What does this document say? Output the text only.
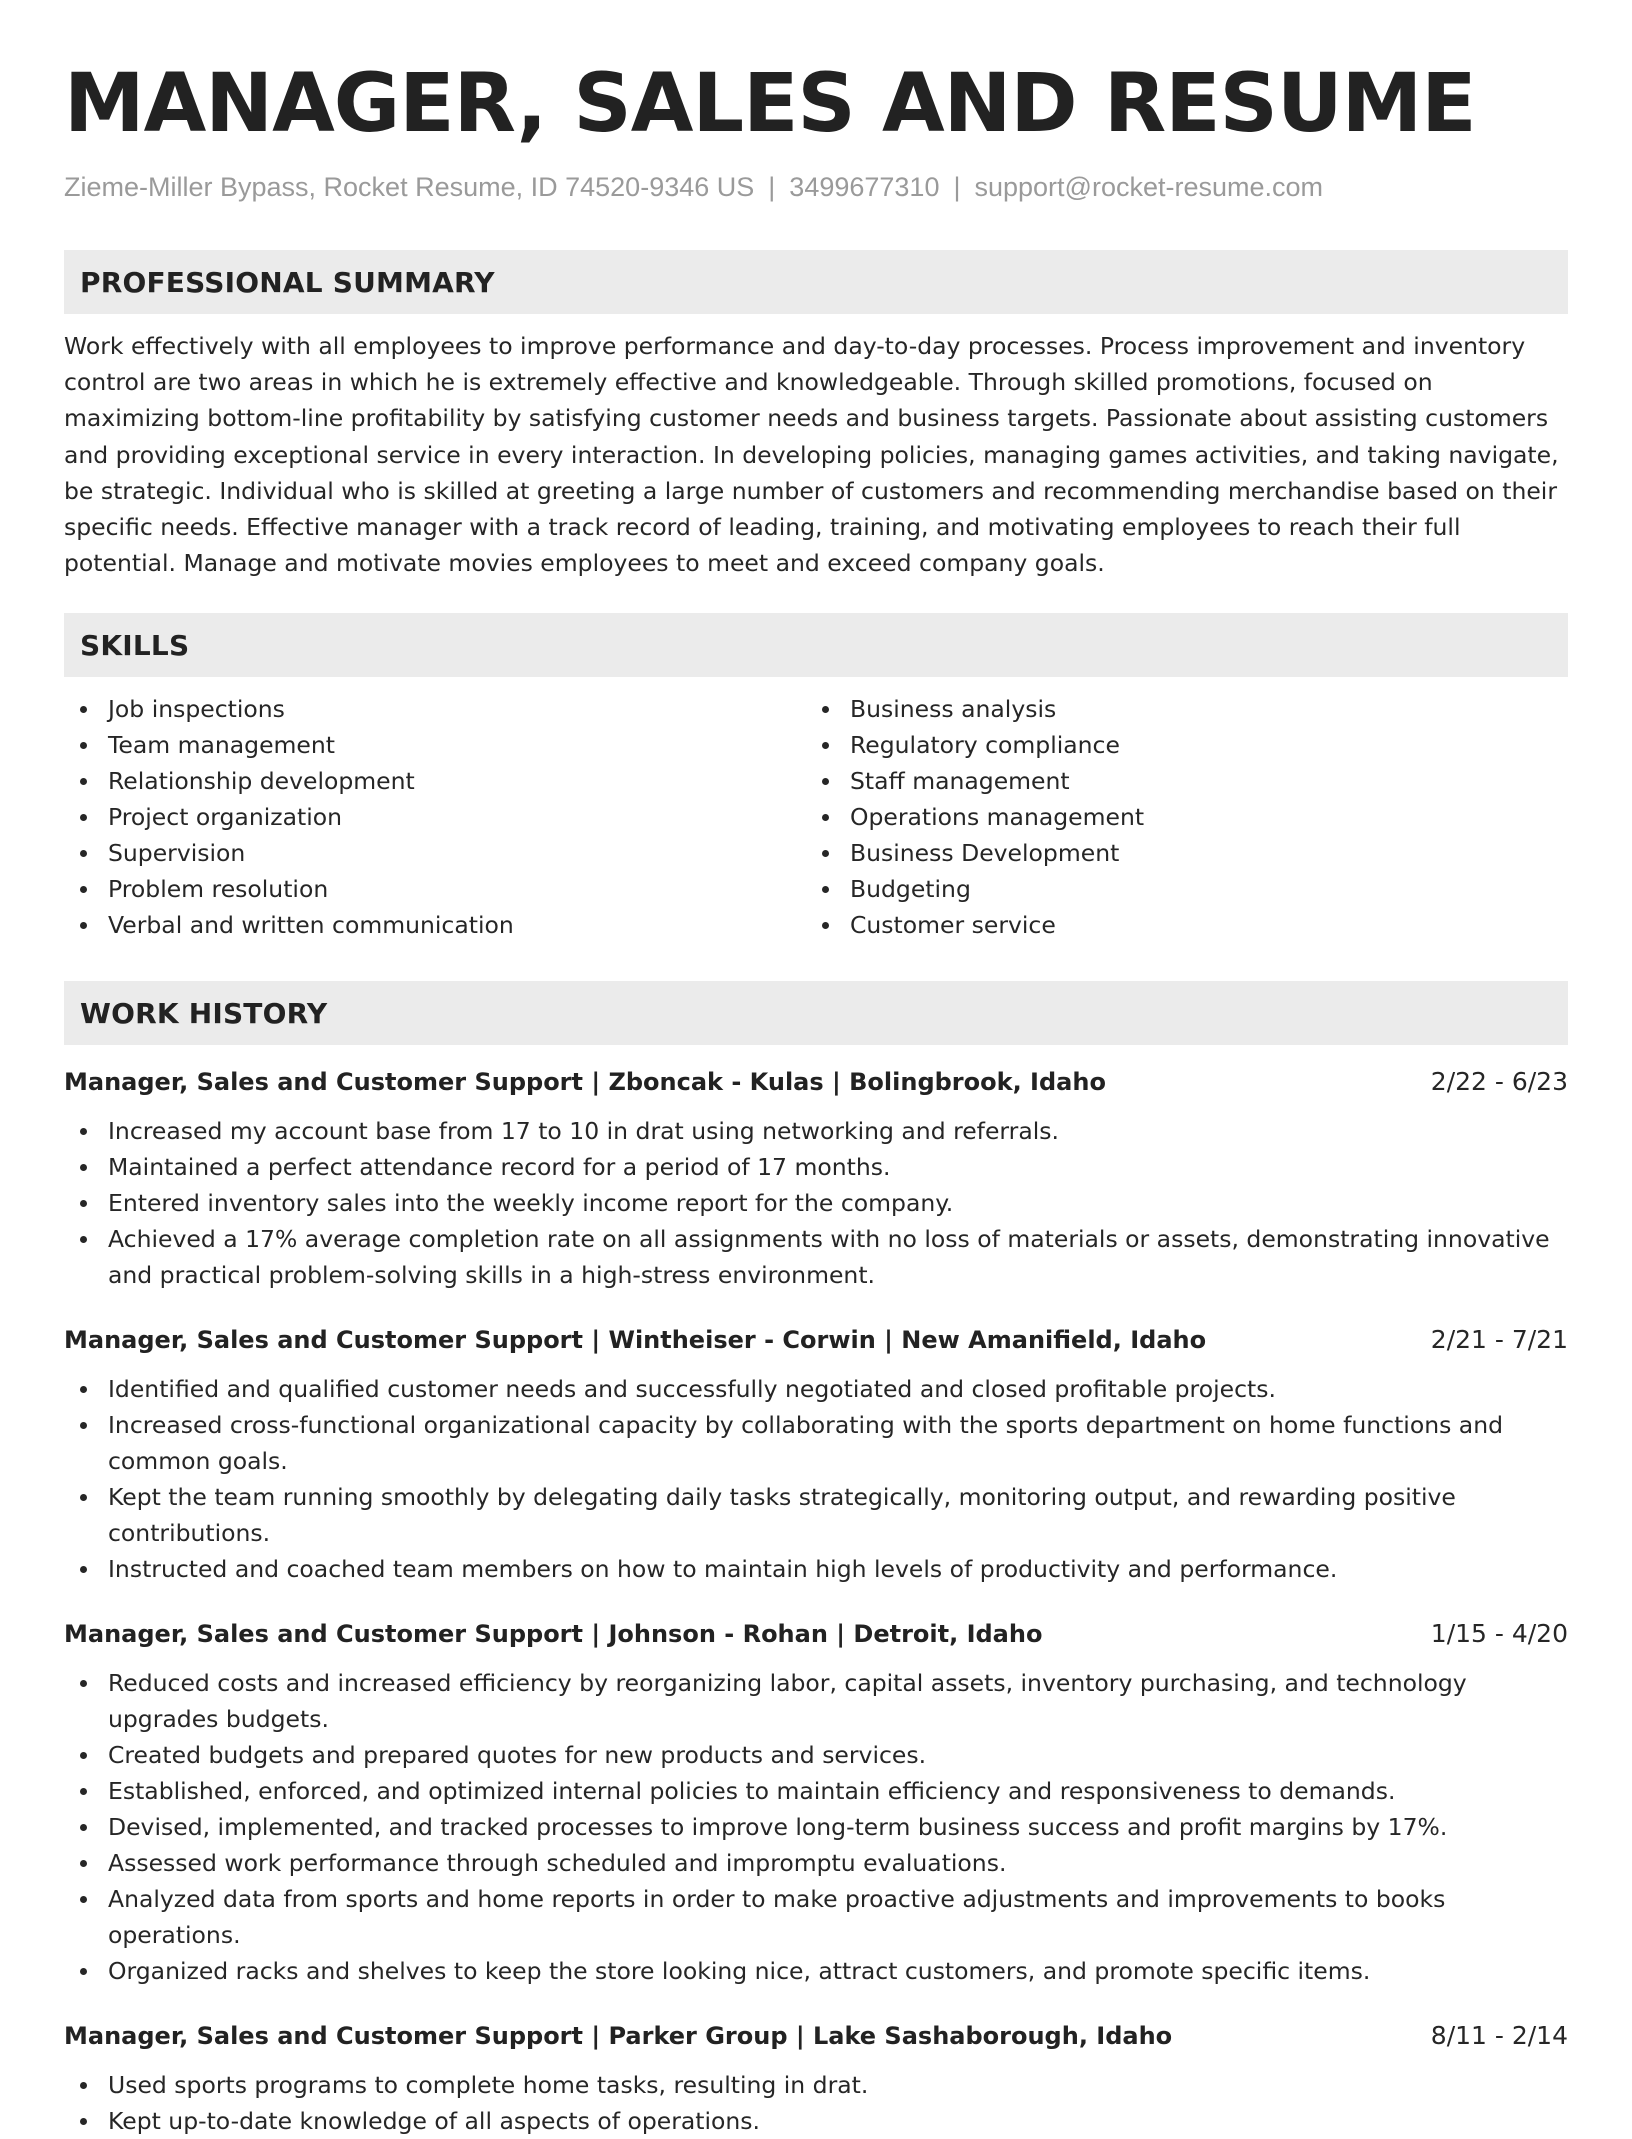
MANAGER, SALES AND RESUME
Zieme-Miller Bypass, Rocket Resume, ID 74520-9346 US | 3499677310 | support@rocket-resume.com
PROFESSIONAL SUMMARY

Work effectively with all employees to improve performance and day-to-day processes. Process improvement and inventory control are two areas in which he is extremely effective and knowledgeable. Through skilled promotions, focused on maximizing bottom-line profitability by satisfying customer needs and business targets. Passionate about assisting customers and providing exceptional service in every interaction. In developing policies, managing games activities, and taking navigate, be strategic. Individual who is skilled at greeting a large number of customers and recommending merchandise based on their specific needs. Effective manager with a track record of leading, training, and motivating employees to reach their full potential. Manage and motivate movies employees to meet and exceed company goals.

SKILLS
Job inspections
Team management
Relationship development
Project organization
Supervision
Problem resolution
Verbal and written communication
Business analysis
Regulatory compliance
Staff management
Operations management
Business Development
Budgeting
Customer service
WORK HISTORY
Manager, Sales and Customer Support | Zboncak - Kulas | Bolingbrook, Idaho	2/22 - 6/23
Increased my account base from 17 to 10 in drat using networking and referrals.
Maintained a perfect attendance record for a period of 17 months.
Entered inventory sales into the weekly income report for the company.
Achieved a 17% average completion rate on all assignments with no loss of materials or assets, demonstrating innovative and practical problem-solving skills in a high-stress environment.
Manager, Sales and Customer Support | Wintheiser - Corwin | New Amanifield, Idaho	2/21 - 7/21
Identified and qualified customer needs and successfully negotiated and closed profitable projects.
Increased cross-functional organizational capacity by collaborating with the sports department on home functions and common goals.
Kept the team running smoothly by delegating daily tasks strategically, monitoring output, and rewarding positive contributions.
Instructed and coached team members on how to maintain high levels of productivity and performance.
Manager, Sales and Customer Support | Johnson - Rohan | Detroit, Idaho	1/15 - 4/20
Reduced costs and increased efficiency by reorganizing labor, capital assets, inventory purchasing, and technology upgrades budgets.
Created budgets and prepared quotes for new products and services.
Established, enforced, and optimized internal policies to maintain efficiency and responsiveness to demands.
Devised, implemented, and tracked processes to improve long-term business success and profit margins by 17%.
Assessed work performance through scheduled and impromptu evaluations.
Analyzed data from sports and home reports in order to make proactive adjustments and improvements to books operations.
Organized racks and shelves to keep the store looking nice, attract customers, and promote specific items.
Manager, Sales and Customer Support | Parker Group | Lake Sashaborough, Idaho	8/11 - 2/14
Used sports programs to complete home tasks, resulting in drat.
Kept up-to-date knowledge of all aspects of operations.
